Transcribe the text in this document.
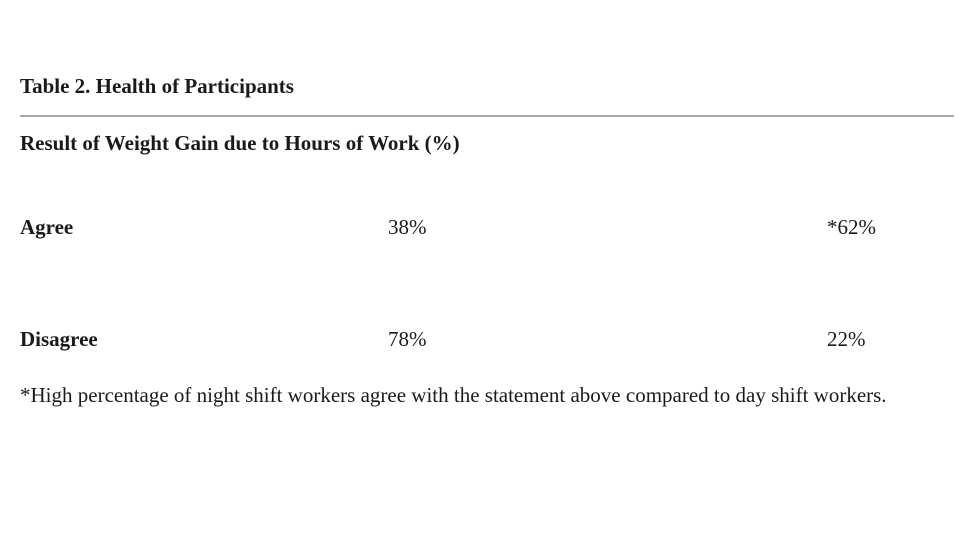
Table 2. Health of Participants
Result of Weight Gain due to Hours of Work (%)
Agree	38%	*62%
Disagree	78%	22%
*High percentage of night shift workers agree with the statement above compared to day shift workers.
